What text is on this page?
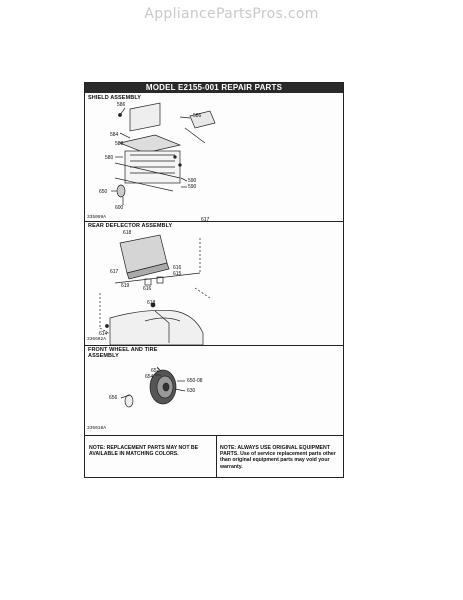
AppliancePartsPros.com
MODEL E2155-001 REPAIR PARTS
SHIELD ASSEMBLY
586
586
584
580
580
590
590
650
600
335099A
REAR DEFLECTOR ASSEMBLY
618
617
617
616
615
619	616
618
614
336602A
FRONT WHEEL AND TIRE
ASSEMBLY
652
654
650-08
656
630
335010A
NOTE: REPLACEMENT PARTS MAY NOT BE AVAILABLE IN MATCHING COLORS.
NOTE: ALWAYS USE ORIGINAL EQUIPMENT PARTS. Use of service replacement parts other than original equipment parts may void your warranty.
